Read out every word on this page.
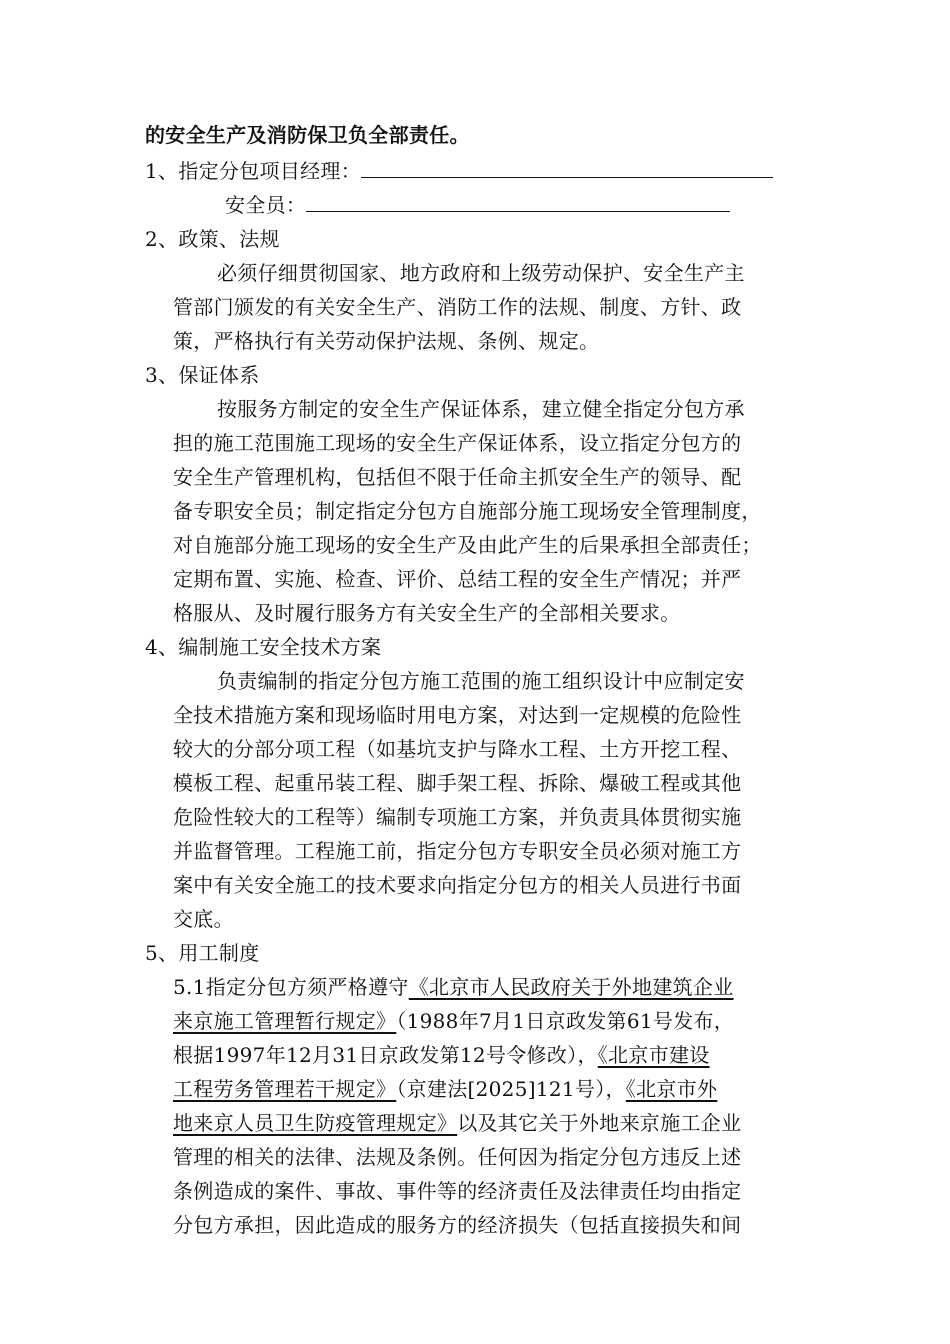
的安全生产及消防保卫负全部责任。
1、指定分包项目经理：
安全员：
2、政策、法规
必须仔细贯彻国家、地方政府和上级劳动保护、安全生产主
管部门颁发的有关安全生产、消防工作的法规、制度、方针、政
策，严格执行有关劳动保护法规、条例、规定。
3、保证体系
按服务方制定的安全生产保证体系，建立健全指定分包方承
担的施工范围施工现场的安全生产保证体系，设立指定分包方的
安全生产管理机构，包括但不限于任命主抓安全生产的领导、配
备专职安全员；制定指定分包方自施部分施工现场安全管理制度，
对自施部分施工现场的安全生产及由此产生的后果承担全部责任；
定期布置、实施、检查、评价、总结工程的安全生产情况；并严
格服从、及时履行服务方有关安全生产的全部相关要求。
4、编制施工安全技术方案
负责编制的指定分包方施工范围的施工组织设计中应制定安
全技术措施方案和现场临时用电方案，对达到一定规模的危险性
较大的分部分项工程（如基坑支护与降水工程、土方开挖工程、
模板工程、起重吊装工程、脚手架工程、拆除、爆破工程或其他
危险性较大的工程等）编制专项施工方案，并负责具体贯彻实施
并监督管理。工程施工前，指定分包方专职安全员必须对施工方
案中有关安全施工的技术要求向指定分包方的相关人员进行书面
交底。
5、用工制度
5.1指定分包方须严格遵守《北京市人民政府关于外地建筑企业
来京施工管理暂行规定》（1988年7月1日京政发第61号发布，
根据1997年12月31日京政发第12号令修改），《北京市建设
工程劳务管理若干规定》（京建法[2025]121号），《北京市外
地来京人员卫生防疫管理规定》以及其它关于外地来京施工企业
管理的相关的法律、法规及条例。任何因为指定分包方违反上述
条例造成的案件、事故、事件等的经济责任及法律责任均由指定
分包方承担，因此造成的服务方的经济损失（包括直接损失和间
